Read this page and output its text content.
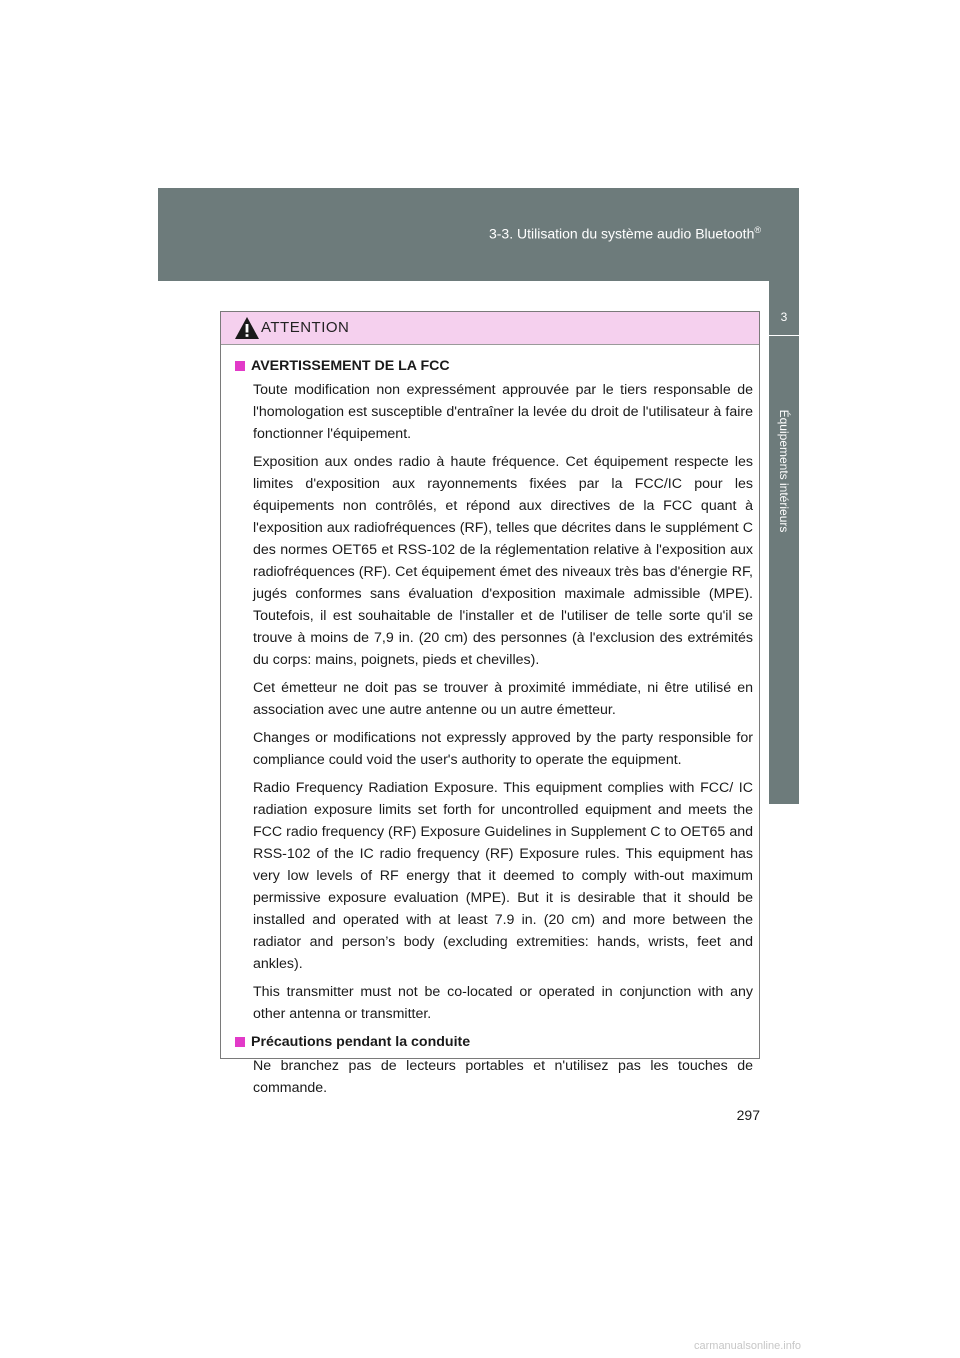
3-3. Utilisation du système audio Bluetooth®
3
Équipements intérieurs
ATTENTION
AVERTISSEMENT DE LA FCC

Toute modification non expressément approuvée par le tiers responsable de l'homologation est susceptible d'entraîner la levée du droit de l'utilisateur à faire fonctionner l'équipement.

Exposition aux ondes radio à haute fréquence. Cet équipement respecte les limites d'exposition aux rayonnements fixées par la FCC/IC pour les équipements non contrôlés, et répond aux directives de la FCC quant à l'exposition aux radiofréquences (RF), telles que décrites dans le supplément C des normes OET65 et RSS-102 de la réglementation relative à l'exposition aux radiofréquences (RF). Cet équipement émet des niveaux très bas d'énergie RF, jugés conformes sans évaluation d'exposition maximale admissible (MPE). Toutefois, il est souhaitable de l'installer et de l'utiliser de telle sorte qu'il se trouve à moins de 7,9 in. (20 cm) des personnes (à l'exclusion des extrémités du corps: mains, poignets, pieds et chevilles).

Cet émetteur ne doit pas se trouver à proximité immédiate, ni être utilisé en association avec une autre antenne ou un autre émetteur.

Changes or modifications not expressly approved by the party responsible for compliance could void the user's authority to operate the equipment.

Radio Frequency Radiation Exposure. This equipment complies with FCC/ IC radiation exposure limits set forth for uncontrolled equipment and meets the FCC radio frequency (RF) Exposure Guidelines in Supplement C to OET65 and RSS-102 of the IC radio frequency (RF) Exposure rules. This equipment has very low levels of RF energy that it deemed to comply with-out maximum permissive exposure evaluation (MPE). But it is desirable that it should be installed and operated with at least 7.9 in. (20 cm) and more between the radiator and person’s body (excluding extremities: hands, wrists, feet and ankles).

This transmitter must not be co-located or operated in conjunction with any other antenna or transmitter.

Précautions pendant la conduite

Ne branchez pas de lecteurs portables et n'utilisez pas les touches de commande.

297
carmanualsonline.info
